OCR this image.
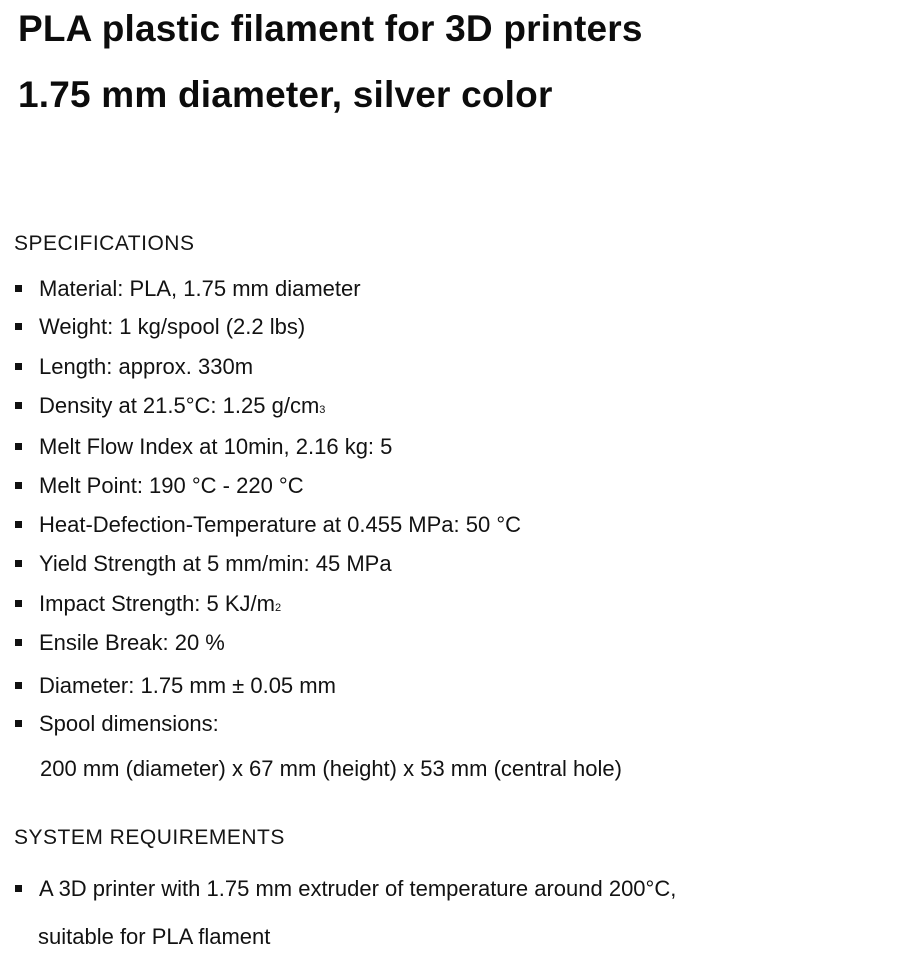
PLA plastic filament for 3D printers
1.75 mm diameter, silver color
SPECIFICATIONS
Material: PLA, 1.75 mm diameter
Weight: 1 kg/spool (2.2 lbs)
Length: approx. 330m
Density at 21.5°C: 1.25 g/cm 3
Melt Flow Index at 10min, 2.16 kg: 5
Melt Point: 190 °C - 220 °C
Heat-Defection-Temperature at 0.455 MPa: 50 °C
Yield Strength at 5 mm/min: 45 MPa
Impact Strength: 5 KJ/m 2
Ensile Break: 20 %
Diameter: 1.75 mm ± 0.05 mm
Spool dimensions:
200 mm (diameter) x 67 mm (height) x 53 mm (central hole)
SYSTEM REQUIREMENTS
A 3D printer with 1.75 mm extruder of temperature around 200°C,
suitable for PLA flament
